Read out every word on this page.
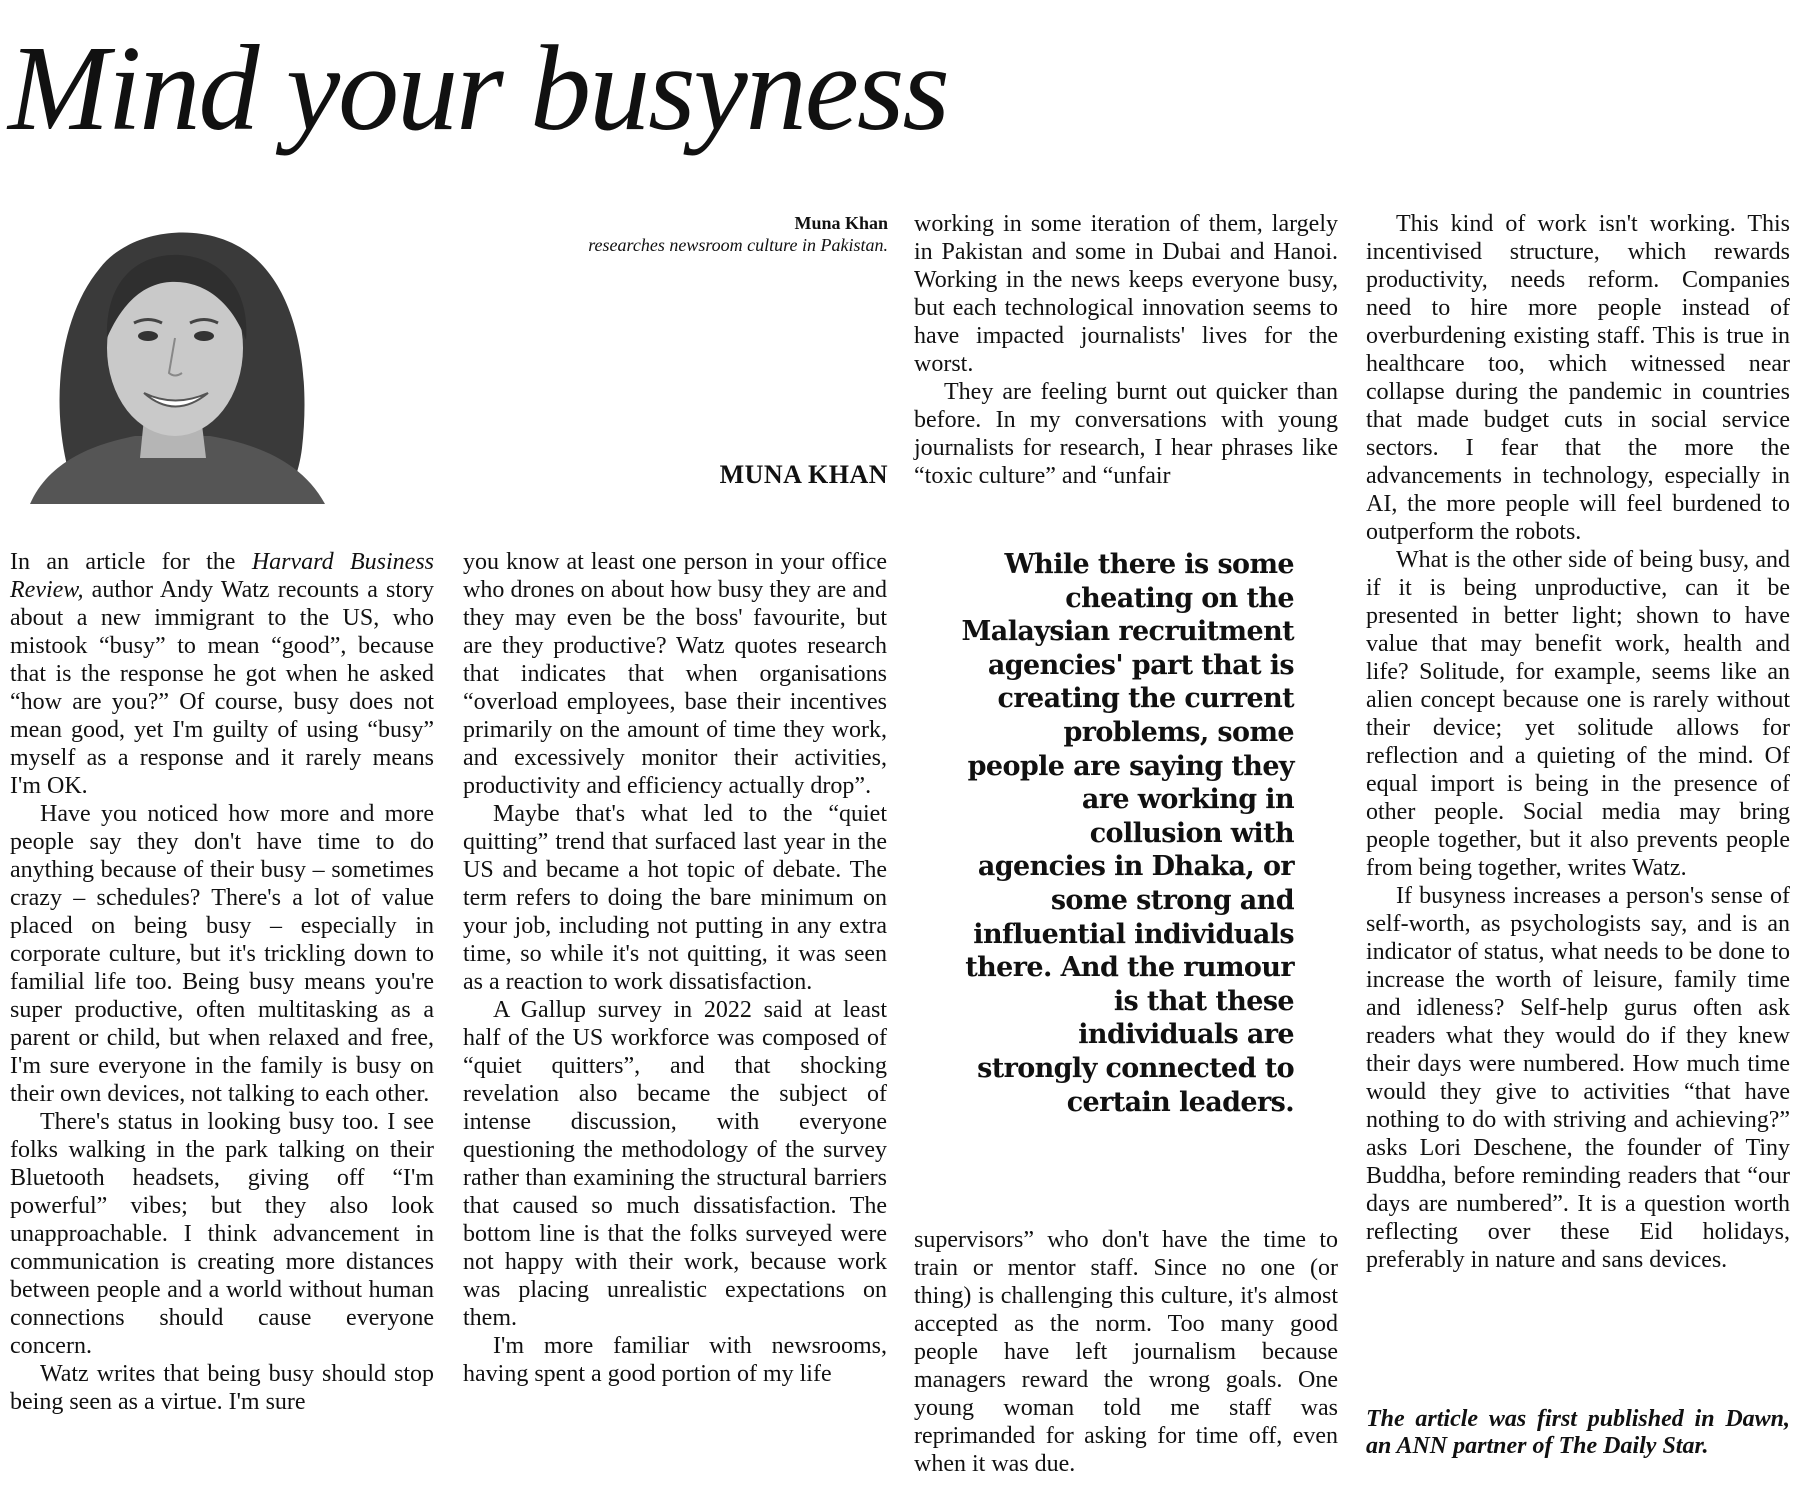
Mind your busyness
Muna Khan
researches newsroom culture in Pakistan.
MUNA KHAN

In an article for the Harvard Business Review, author Andy Watz recounts a story about a new immigrant to the US, who mistook “busy” to mean “good”, because that is the response he got when he asked “how are you?” Of course, busy does not mean good, yet I'm guilty of using “busy” myself as a response and it rarely means I'm OK.

Have you noticed how more and more people say they don't have time to do anything because of their busy – sometimes crazy – schedules? There's a lot of value placed on being busy – especially in corporate culture, but it's trickling down to familial life too. Being busy means you're super productive, often multitasking as a parent or child, but when relaxed and free, I'm sure everyone in the family is busy on their own devices, not talking to each other.

There's status in looking busy too. I see folks walking in the park talking on their Bluetooth headsets, giving off “I'm powerful” vibes; but they also look unapproachable. I think advancement in communication is creating more distances between people and a world without human connections should cause everyone concern.

Watz writes that being busy should stop being seen as a virtue. I'm sure

you know at least one person in your office who drones on about how busy they are and they may even be the boss' favourite, but are they productive? Watz quotes research that indicates that when organisations “overload employees, base their incentives primarily on the amount of time they work, and excessively monitor their activities, productivity and efficiency actually drop”.

Maybe that's what led to the “quiet quitting” trend that surfaced last year in the US and became a hot topic of debate. The term refers to doing the bare minimum on your job, including not putting in any extra time, so while it's not quitting, it was seen as a reaction to work dissatisfaction.

A Gallup survey in 2022 said at least half of the US workforce was composed of “quiet quitters”, and that shocking revelation also became the subject of intense discussion, with everyone questioning the methodology of the survey rather than examining the structural barriers that caused so much dissatisfaction. The bottom line is that the folks surveyed were not happy with their work, because work was placing unrealistic expectations on them.

I'm more familiar with newsrooms, having spent a good portion of my life

working in some iteration of them, largely in Pakistan and some in Dubai and Hanoi. Working in the news keeps everyone busy, but each technological innovation seems to have impacted journalists' lives for the worst.

They are feeling burnt out quicker than before. In my conversations with young journalists for research, I hear phrases like “toxic culture” and “unfair

While there is some cheating on the Malaysian recruitment agencies' part that is creating the current problems, some people are saying they are working in collusion with agencies in Dhaka, or some strong and influential individuals there. And the rumour is that these individuals are strongly connected to certain leaders.

supervisors” who don't have the time to train or mentor staff. Since no one (or thing) is challenging this culture, it's almost accepted as the norm. Too many good people have left journalism because managers reward the wrong goals. One young woman told me staff was reprimanded for asking for time off, even when it was due.

This kind of work isn't working. This incentivised structure, which rewards productivity, needs reform. Companies need to hire more people instead of overburdening existing staff. This is true in healthcare too, which witnessed near collapse during the pandemic in countries that made budget cuts in social service sectors. I fear that the more the advancements in technology, especially in AI, the more people will feel burdened to outperform the robots.

What is the other side of being busy, and if it is being unproductive, can it be presented in better light; shown to have value that may benefit work, health and life? Solitude, for example, seems like an alien concept because one is rarely without their device; yet solitude allows for reflection and a quieting of the mind. Of equal import is being in the presence of other people. Social media may bring people together, but it also prevents people from being together, writes Watz.

If busyness increases a person's sense of self-worth, as psychologists say, and is an indicator of status, what needs to be done to increase the worth of leisure, family time and idleness? Self-help gurus often ask readers what they would do if they knew their days were numbered. How much time would they give to activities “that have nothing to do with striving and achieving?” asks Lori Deschene, the founder of Tiny Buddha, before reminding readers that “our days are numbered”. It is a question worth reflecting over these Eid holidays, preferably in nature and sans devices.

The article was first published in Dawn, an ANN partner of The Daily Star.
